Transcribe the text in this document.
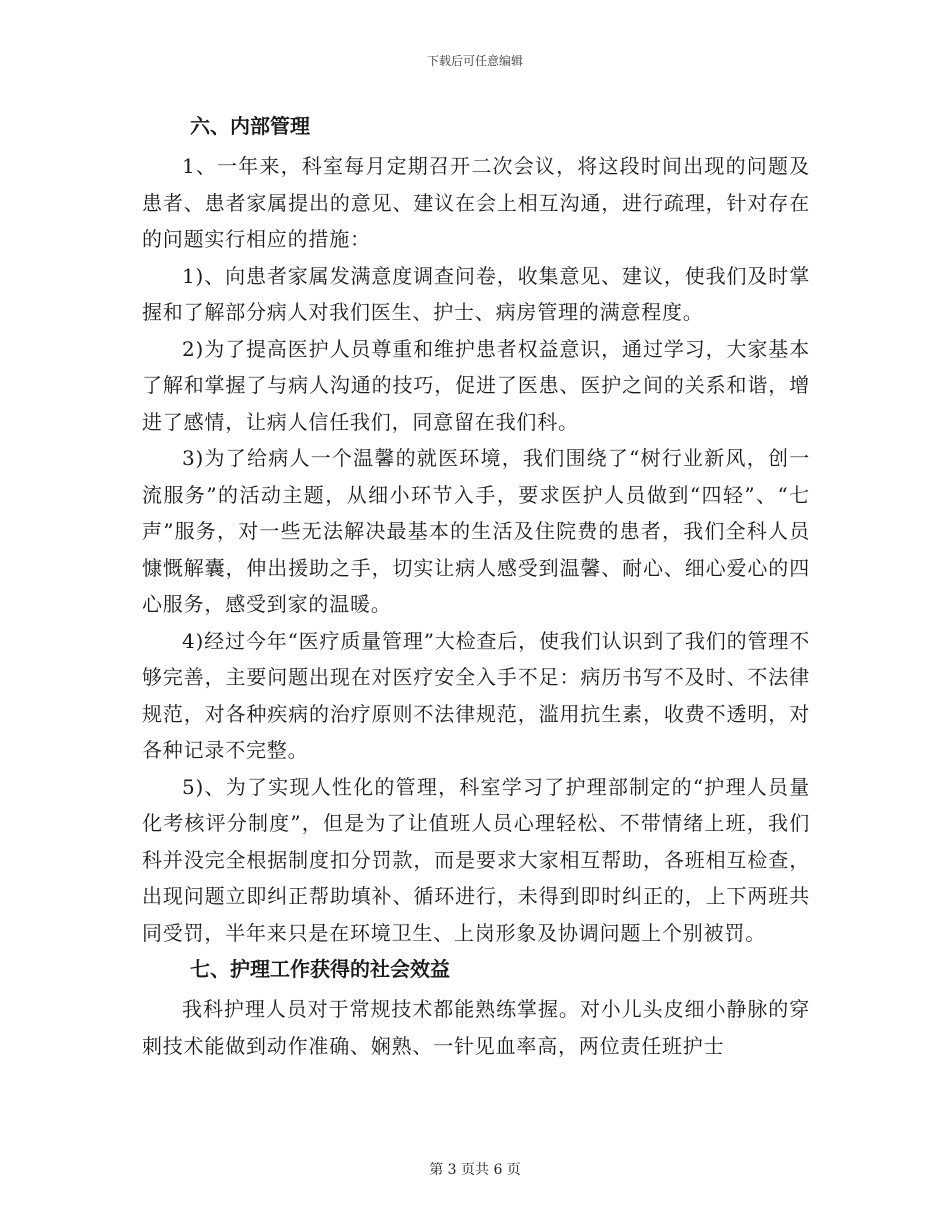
下载后可任意编辑
六、内部管理

1、一年来，科室每月定期召开二次会议，将这段时间出现的问题及患者、患者家属提出的意见、建议在会上相互沟通，进行疏理，针对存在的问题实行相应的措施：

1)、向患者家属发满意度调查问卷，收集意见、建议，使我们及时掌握和了解部分病人对我们医生、护士、病房管理的满意程度。

2)为了提高医护人员尊重和维护患者权益意识，通过学习，大家基本了解和掌握了与病人沟通的技巧，促进了医患、医护之间的关系和谐，增进了感情，让病人信任我们，同意留在我们科。

3)为了给病人一个温馨的就医环境，我们围绕了“树行业新风，创一流服务”的活动主题，从细小环节入手，要求医护人员做到“四轻”、“七声”服务，对一些无法解决最基本的生活及住院费的患者，我们全科人员慷慨解囊，伸出援助之手，切实让病人感受到温馨、耐心、细心爱心的四心服务，感受到家的温暖。

4)经过今年“医疗质量管理”大检查后，使我们认识到了我们的管理不够完善，主要问题出现在对医疗安全入手不足：病历书写不及时、不法律规范，对各种疾病的治疗原则不法律规范，滥用抗生素，收费不透明，对各种记录不完整。

5)、为了实现人性化的管理，科室学习了护理部制定的“护理人员量化考核评分制度”，但是为了让值班人员心理轻松、不带情绪上班，我们科并没完全根据制度扣分罚款，而是要求大家相互帮助，各班相互检查，出现问题立即纠正帮助填补、循环进行，未得到即时纠正的，上下两班共同受罚，半年来只是在环境卫生、上岗形象及协调问题上个别被罚。

七、护理工作获得的社会效益

我科护理人员对于常规技术都能熟练掌握。对小儿头皮细小静脉的穿刺技术能做到动作准确、娴熟、一针见血率高，两位责任班护士

第 3 页共 6 页
